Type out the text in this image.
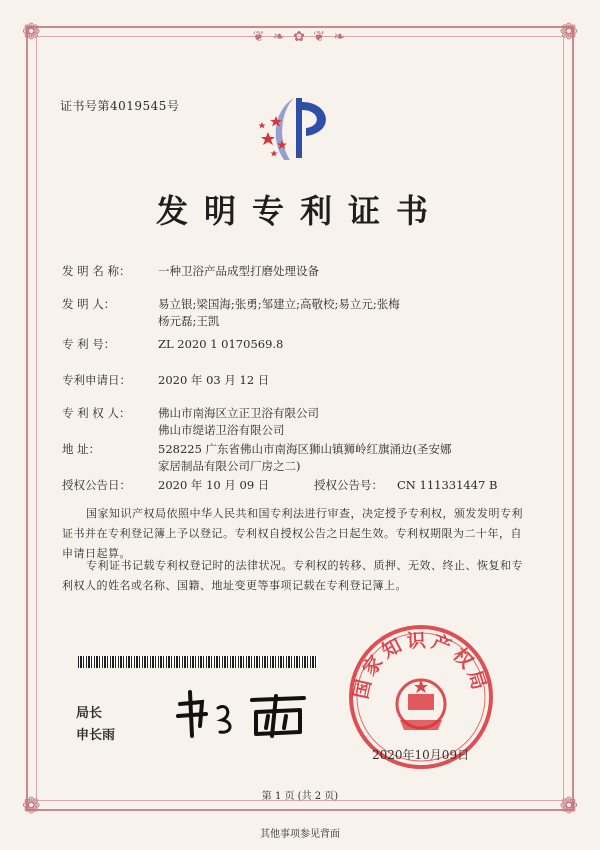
❦ ❧ ✿ ❦ ❧
❁	❁
❁	❁
证书号第4019545号
发明专利证书
发 明 名 称： 一种卫浴产品成型打磨处理设备
发 明 人：	易立银;梁国海;张勇;邹建立;高敬校;易立元;张梅
杨元磊;王凯
专 利 号：	ZL 2020 1 0170569.8
专利申请日： 2020 年 03 月 12 日
专 利 权 人： 佛山市南海区立正卫浴有限公司
佛山市缇诺卫浴有限公司
地 址：	528225 广东省佛山市南海区狮山镇狮岭红旗涌边(圣安娜
家居制品有限公司厂房之二)
授权公告日： 2020 年 10 月 09 日	授权公告号： CN 111331447 B
国家知识产权局依照中华人民共和国专利法进行审查，决定授予专利权，颁发发明专利证书并在专利登记簿上予以登记。专利权自授权公告之日起生效。专利权期限为二十年，自申请日起算。
专利证书记载专利权登记时的法律状况。专利权的转移、质押、无效、终止、恢复和专利权人的姓名或名称、国籍、地址变更等事项记载在专利登记簿上。
局长
申长雨
国家知识产权局
2020年10月09日
第 1 页 (共 2 页)
其他事项参见背面
